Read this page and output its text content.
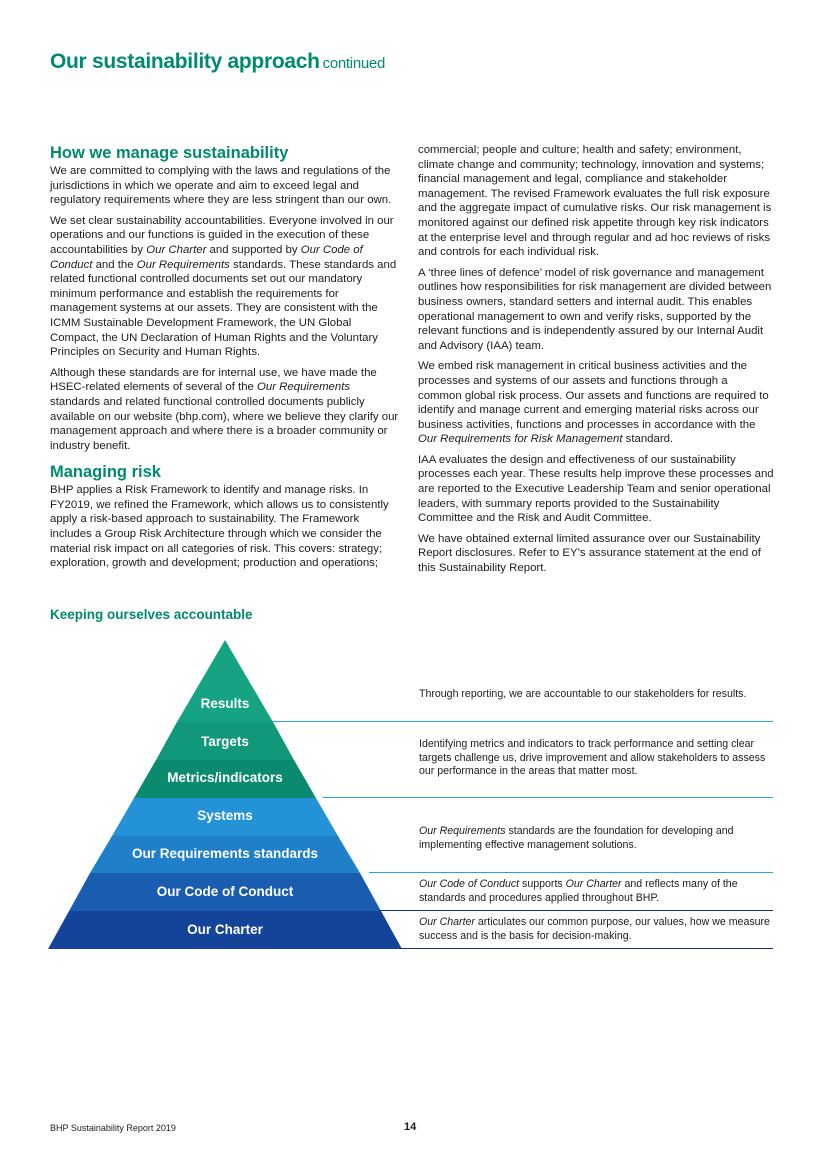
Our sustainability approach continued
How we manage sustainability

We are committed to complying with the laws and regulations of the jurisdictions in which we operate and aim to exceed legal and regulatory requirements where they are less stringent than our own.

We set clear sustainability accountabilities. Everyone involved in our operations and our functions is guided in the execution of these accountabilities by Our Charter and supported by Our Code of Conduct and the Our Requirements standards. These standards and related functional controlled documents set out our mandatory minimum performance and establish the requirements for management systems at our assets. They are consistent with the ICMM Sustainable Development Framework, the UN Global Compact, the UN Declaration of Human Rights and the Voluntary Principles on Security and Human Rights.

Although these standards are for internal use, we have made the HSEC-related elements of several of the Our Requirements standards and related functional controlled documents publicly available on our website (bhp.com), where we believe they clarify our management approach and where there is a broader community or industry benefit.

Managing risk

BHP applies a Risk Framework to identify and manage risks. In FY2019, we refined the Framework, which allows us to consistently apply a risk-based approach to sustainability. The Framework includes a Group Risk Architecture through which we consider the material risk impact on all categories of risk. This covers: strategy; exploration, growth and development; production and operations;

commercial; people and culture; health and safety; environment, climate change and community; technology, innovation and systems; financial management and legal, compliance and stakeholder management. The revised Framework evaluates the full risk exposure and the aggregate impact of cumulative risks. Our risk management is monitored against our defined risk appetite through key risk indicators at the enterprise level and through regular and ad hoc reviews of risks and controls for each individual risk.

A ‘three lines of defence’ model of risk governance and management outlines how responsibilities for risk management are divided between business owners, standard setters and internal audit. This enables operational management to own and verify risks, supported by the relevant functions and is independently assured by our Internal Audit and Advisory (IAA) team.

We embed risk management in critical business activities and the processes and systems of our assets and functions through a common global risk process. Our assets and functions are required to identify and manage current and emerging material risks across our business activities, functions and processes in accordance with the Our Requirements for Risk Management standard.

IAA evaluates the design and effectiveness of our sustainability processes each year. These results help improve these processes and are reported to the Executive Leadership Team and senior operational leaders, with summary reports provided to the Sustainability Committee and the Risk and Audit Committee.

We have obtained external limited assurance over our Sustainability Report disclosures. Refer to EY’s assurance statement at the end of this Sustainability Report.

Keeping ourselves accountable
Results
Targets
Metrics/indicators
Systems
Our Requirements standards
Our Code of Conduct
Our Charter
Through reporting, we are accountable to our stakeholders for results.
Identifying metrics and indicators to track performance and setting clear targets challenge us, drive improvement and allow stakeholders to assess our performance in the areas that matter most.
Our Requirements standards are the foundation for developing and implementing effective management solutions.
Our Code of Conduct supports Our Charter and reflects many of the standards and procedures applied throughout BHP.
Our Charter articulates our common purpose, our values, how we measure success and is the basis for decision-making.
BHP Sustainability Report 2019	14
